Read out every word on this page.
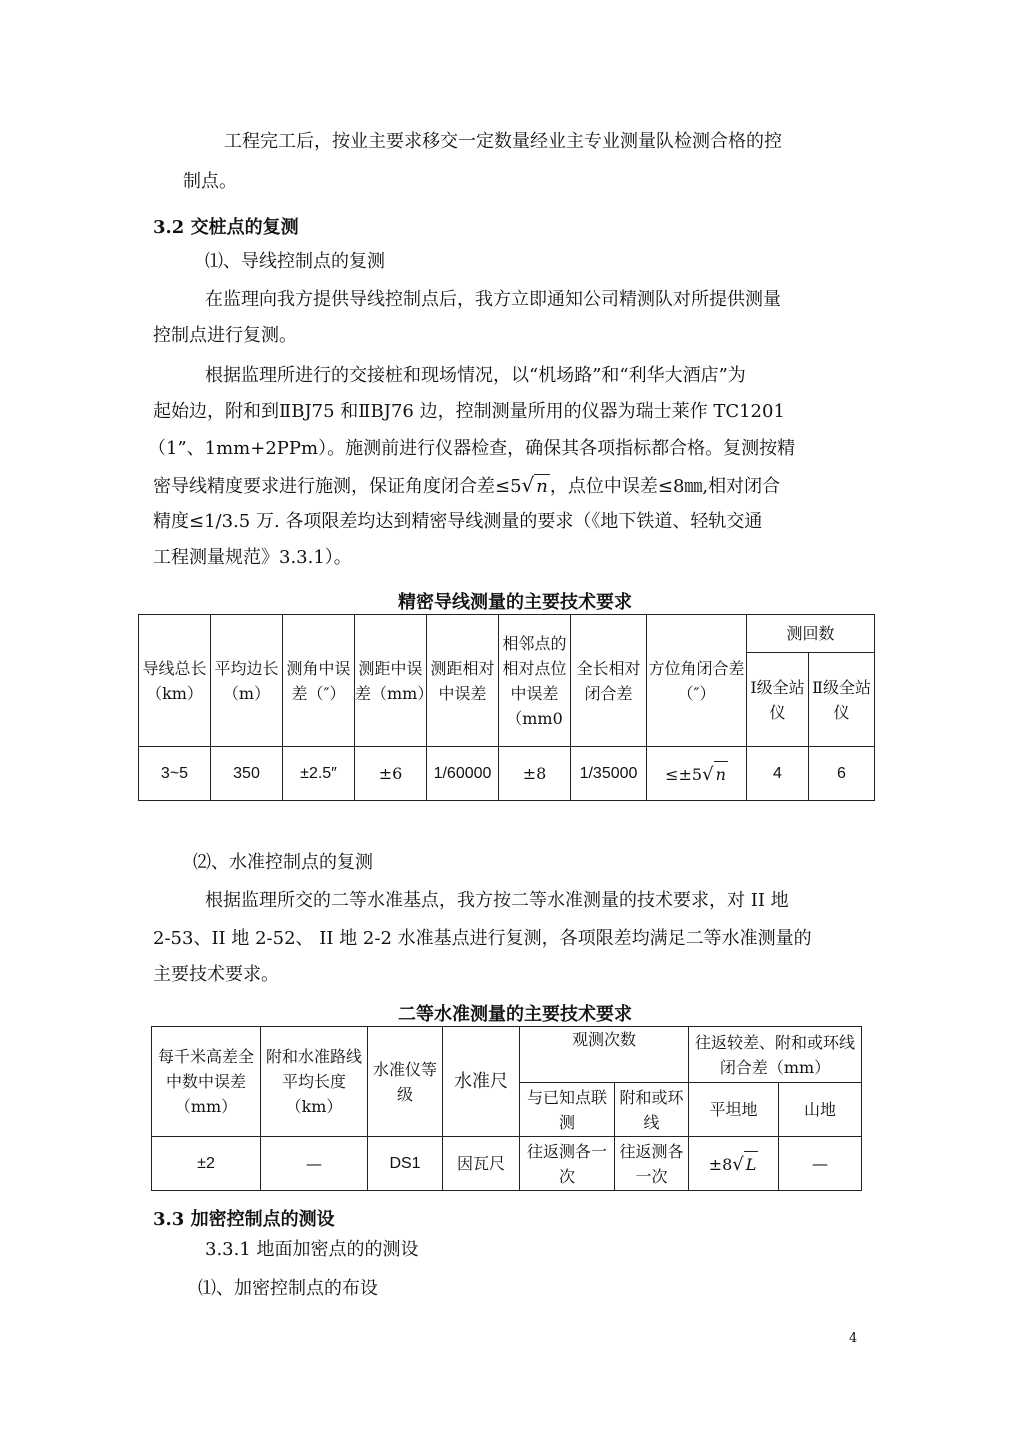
工程完工后，按业主要求移交一定数量经业主专业测量队检测合格的控
制点。
3.2 交桩点的复测
⑴、导线控制点的复测
在监理向我方提供导线控制点后，我方立即通知公司精测队对所提供测量
控制点进行复测。
根据监理所进行的交接桩和现场情况，以“机场路”和“利华大酒店”为
起始边，附和到ⅡBJ75 和ⅡBJ76 边，控制测量所用的仪器为瑞士莱作 TC1201
（1”、1mm+2PPm）。施测前进行仪器检查，确保其各项指标都合格。复测按精
密导线精度要求进行施测，保证角度闭合差≤5√ n ，点位中误差≤8㎜,相对闭合
精度≤1/3.5 万. 各项限差均达到精密导线测量的要求（《地下铁道、轻轨交通
工程测量规范》3.3.1）。
精密导线测量的主要技术要求
导线总长（km）	平均边长（m）	测角中误差（″）	测距中误差（mm）	测距相对中误差	相邻点的相对点位中误差（mm0	全长相对闭合差	方位角闭合差（″）	测回数	
								Ⅰ级全站仪	Ⅱ级全站仪
3~5	350	±2.5″	±6	1/60000	±8	1/35000	≤±5√ n	4	6
⑵、水准控制点的复测
根据监理所交的二等水准基点，我方按二等水准测量的技术要求，对 II 地
2-53、II 地 2-52、 II 地 2-2 水准基点进行复测，各项限差均满足二等水准测量的
主要技术要求。
二等水准测量的主要技术要求
每千米高差全中数中误差（mm）	附和水准路线平均长度（km）	水准仪等级	水准尺	观测次数		往返较差、附和或环线闭合差（mm）	
				与已知点联测	附和或环线	平坦地	山地
±2	—	DS1	因瓦尺	往返测各一次	往返测各一次	±8√ L	—
3.3 加密控制点的测设
3.3.1 地面加密点的的测设
⑴、加密控制点的布设
4
